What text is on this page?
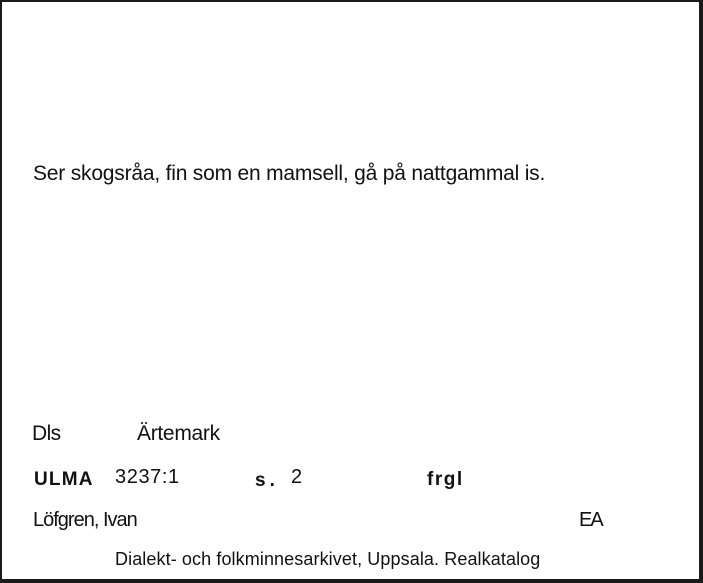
Ser skogsråa, fin som en mamsell, gå på nattgammal is.
Dls	Ärtemark
ULMA 3237:1	s. 2	frgl
Löfgren, Ivan	EA
Dialekt- och folkminnesarkivet, Uppsala. Realkatalog
